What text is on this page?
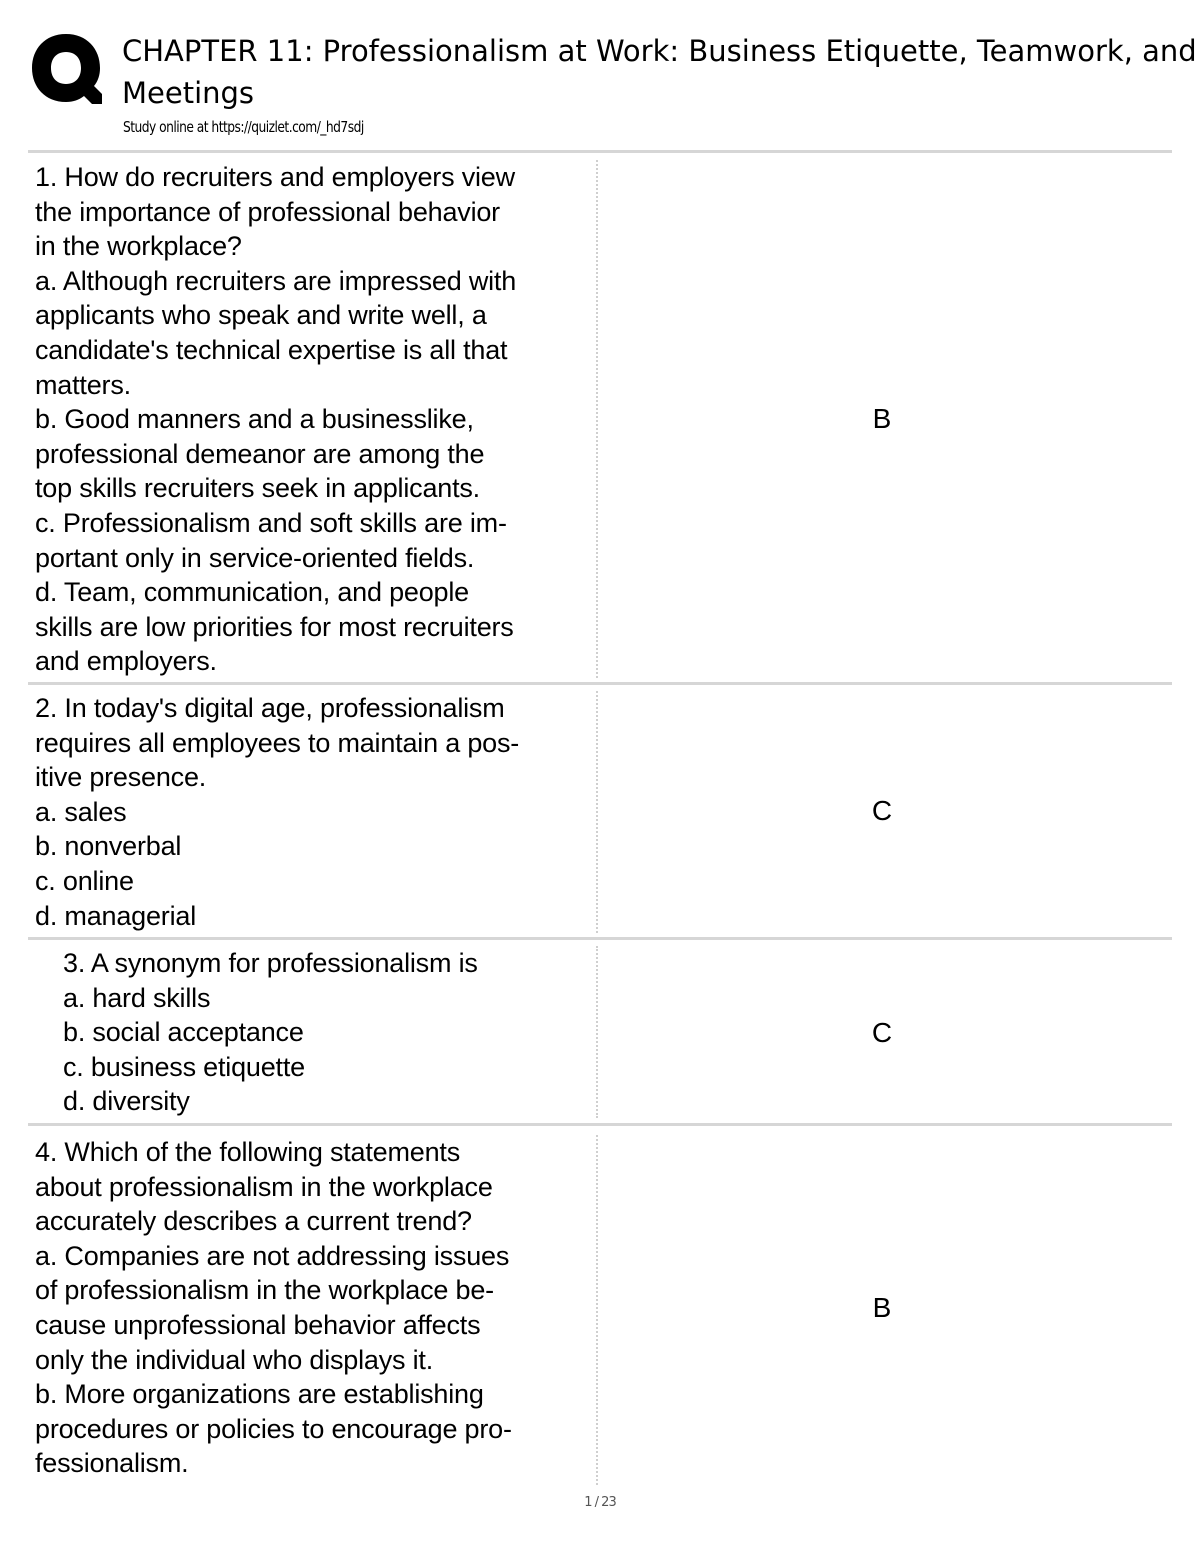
CHAPTER 11: Professionalism at Work: Business Etiquette, Teamwork, and
Meetings
Study online at https://quizlet.com/_hd7sdj
1. How do recruiters and employers view
the importance of professional behavior
in the workplace?
a. Although recruiters are impressed with
applicants who speak and write well, a
candidate's technical expertise is all that
matters.
b. Good manners and a businesslike,
professional demeanor are among the
top skills recruiters seek in applicants.
c. Professionalism and soft skills are im-
portant only in service-oriented fields.
d. Team, communication, and people
skills are low priorities for most recruiters
and employers.
B
2. In today's digital age, professionalism
requires all employees to maintain a pos-
itive presence.
a. sales
b. nonverbal
c. online
d. managerial
C
3. A synonym for professionalism is
a. hard skills
b. social acceptance
c. business etiquette
d. diversity
C
4. Which of the following statements
about professionalism in the workplace
accurately describes a current trend?
a. Companies are not addressing issues
of professionalism in the workplace be-
cause unprofessional behavior affects
only the individual who displays it.
b. More organizations are establishing
procedures or policies to encourage pro-
fessionalism.
B
1 / 23
